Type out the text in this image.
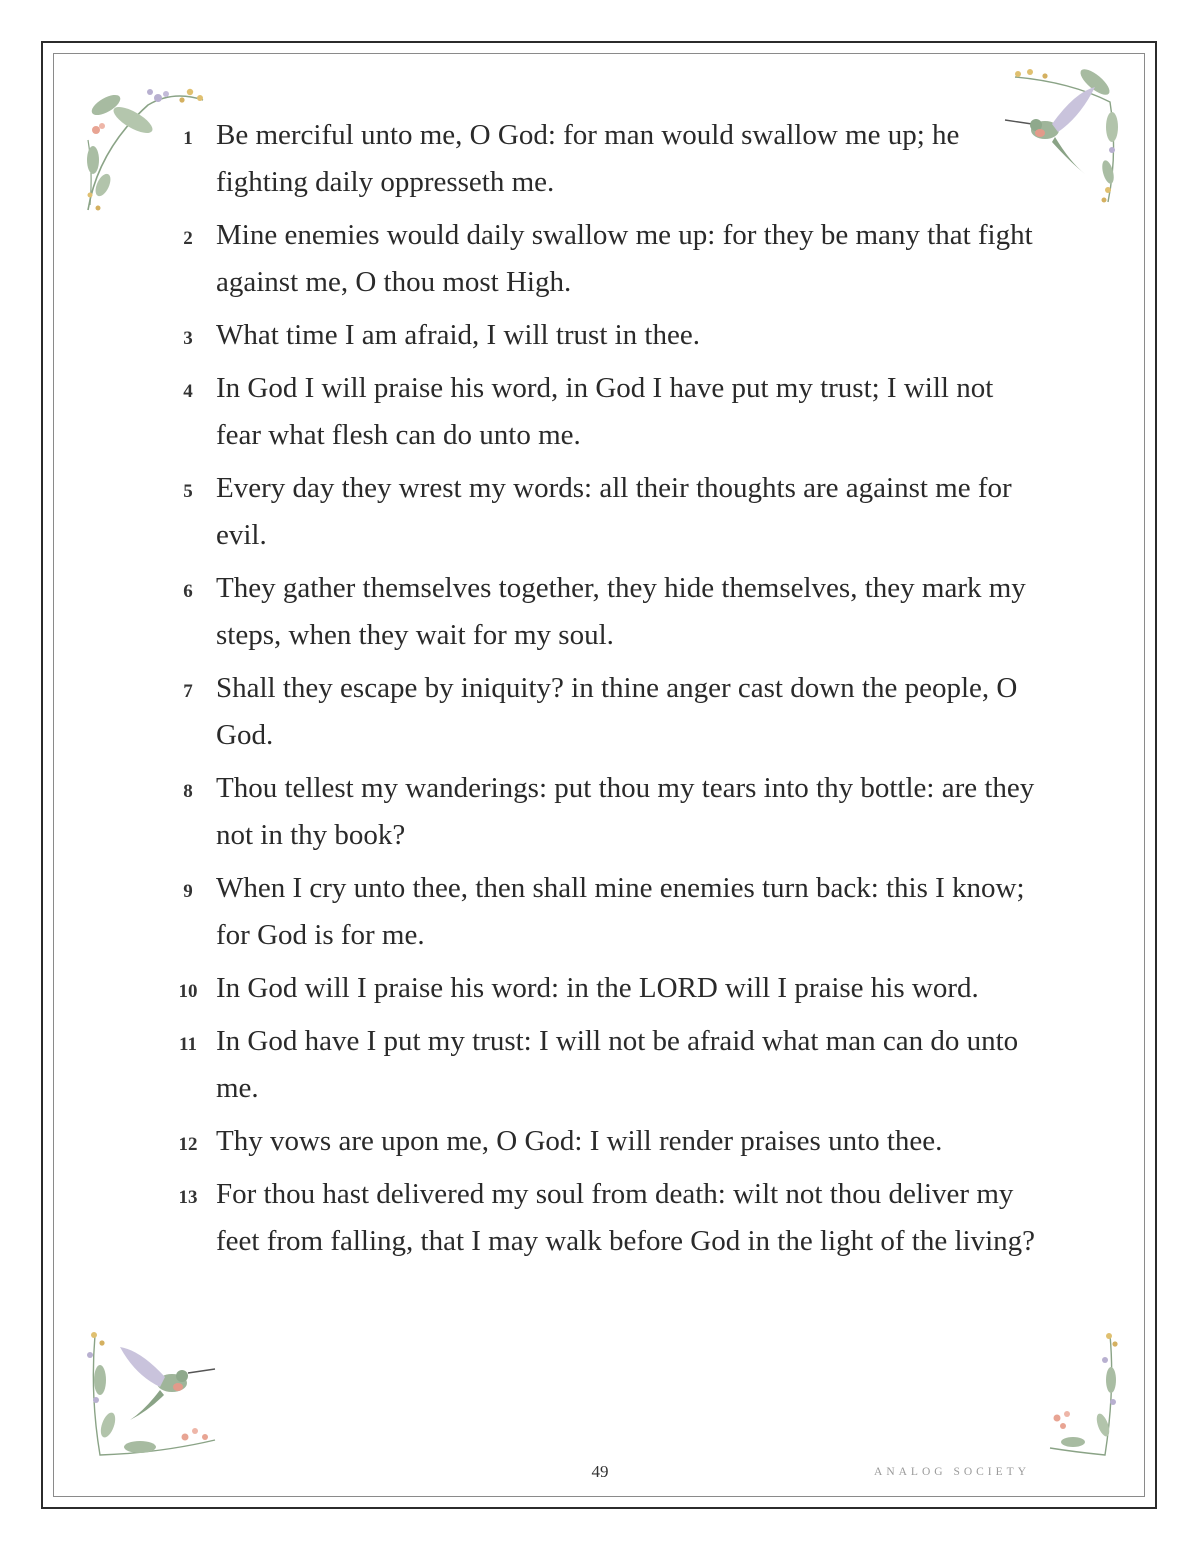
1 Be merciful unto me, O God: for man would swallow me up; he fighting daily oppresseth me.
2 Mine enemies would daily swallow me up: for they be many that fight against me, O thou most High.
3 What time I am afraid, I will trust in thee.
4 In God I will praise his word, in God I have put my trust; I will not fear what flesh can do unto me.
5 Every day they wrest my words: all their thoughts are against me for evil.
6 They gather themselves together, they hide themselves, they mark my steps, when they wait for my soul.
7 Shall they escape by iniquity? in thine anger cast down the people, O God.
8 Thou tellest my wanderings: put thou my tears into thy bottle: are they not in thy book?
9 When I cry unto thee, then shall mine enemies turn back: this I know; for God is for me.
10 In God will I praise his word: in the LORD will I praise his word.
11 In God have I put my trust: I will not be afraid what man can do unto me.
12 Thy vows are upon me, O God: I will render praises unto thee.
13 For thou hast delivered my soul from death: wilt not thou deliver my feet from falling, that I may walk before God in the light of the living?
49	ANALOG SOCIETY
